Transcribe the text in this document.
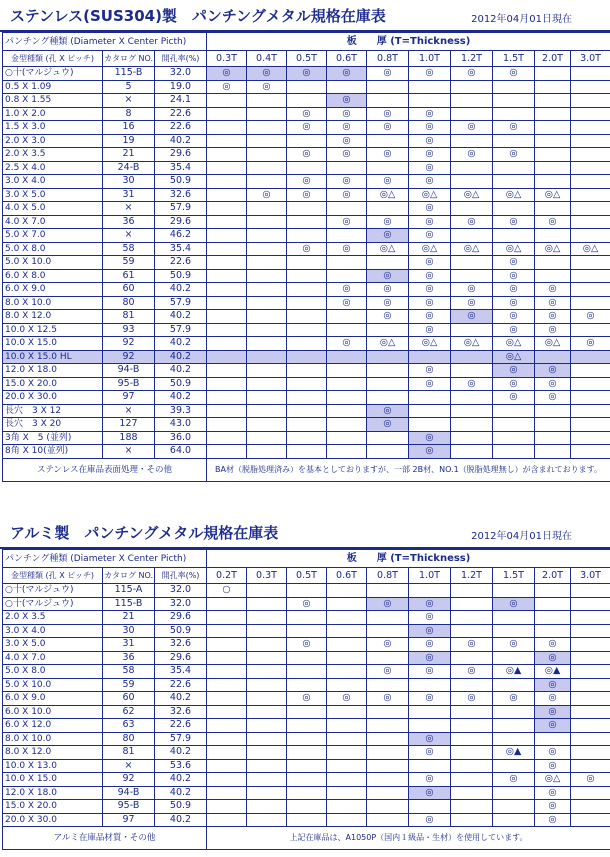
ステンレス(SUS304)製　パンチングメタル規格在庫表	2012年04月01日現在
パンチング種類 (Diameter X Center Picth)			板　　厚 (T=Thickness)									
金型種類 (孔 X ピッチ)	カタログ NO.	開孔率(%)	0.3T	0.4T	0.5T	0.6T	0.8T	1.0T	1.2T	1.5T	2.0T	3.0T
○十(マルジュウ)	115-B	32.0	◎	◎	◎	◎	◎	◎	◎	◎		
0.5 X 1.09	5	19.0	◎	◎								
0.8 X 1.55	×	24.1				◎						
1.0 X 2.0	8	22.6			◎	◎	◎	◎				
1.5 X 3.0	16	22.6			◎	◎	◎	◎	◎	◎		
2.0 X 3.0	19	40.2				◎		◎				
2.0 X 3.5	21	29.6			◎	◎	◎	◎	◎	◎		
2.5 X 4.0	24-B	35.4						◎				
3.0 X 4.0	30	50.9			◎	◎	◎	◎				
3.0 X 5.0	31	32.6		◎	◎	◎	◎△	◎△	◎△	◎△	◎△	
4.0 X 5.0	×	57.9						◎				
4.0 X 7.0	36	29.6				◎	◎	◎	◎	◎	◎	
5.0 X 7.0	×	46.2					◎	◎				
5.0 X 8.0	58	35.4			◎	◎	◎△	◎△	◎△	◎△	◎△	◎△
5.0 X 10.0	59	22.6						◎		◎		
6.0 X 8.0	61	50.9					◎	◎		◎		
6.0 X 9.0	60	40.2				◎	◎	◎	◎	◎	◎	
8.0 X 10.0	80	57.9				◎	◎	◎	◎	◎	◎	
8.0 X 12.0	81	40.2					◎	◎	◎	◎	◎	◎
10.0 X 12.5	93	57.9						◎		◎	◎	
10.0 X 15.0	92	40.2				◎	◎△	◎△	◎△	◎△	◎△	◎
10.0 X 15.0 HL	92	40.2								◎△		
12.0 X 18.0	94-B	40.2						◎		◎	◎	
15.0 X 20.0	95-B	50.9						◎	◎	◎	◎	
20.0 X 30.0	97	40.2								◎	◎	
長穴　3 X 12	×	39.3					◎					
長穴　3 X 20	127	43.0					◎					
3角 X　5 (並列)	188	36.0						◎				
8角 X 10(並列)	×	64.0						◎				
ステンレス在庫品表面処理・その他			BA材（脱脂処理済み）を基本としておりますが、一部 2B材、NO.1（脱脂処理無し）が含まれております。									
アルミ製　パンチングメタル規格在庫表	2012年04月01日現在
パンチング種類 (Diameter X Center Picth)			板　　厚 (T=Thickness)									
金型種類 (孔 X ピッチ)	カタログ NO.	開孔率(%)	0.2T	0.3T	0.5T	0.6T	0.8T	1.0T	1.2T	1.5T	2.0T	3.0T
○十(マルジュウ)	115-A	32.0	○									
○十(マルジュウ)	115-B	32.0			◎		◎	◎		◎		
2.0 X 3.5	21	29.6						◎				
3.0 X 4.0	30	50.9						◎				
3.0 X 5.0	31	32.6			◎		◎	◎	◎	◎	◎	
4.0 X 7.0	36	29.6						◎			◎	
5.0 X 8.0	58	35.4					◎	◎	◎	◎▲	◎▲	
5.0 X 10.0	59	22.6									◎	
6.0 X 9.0	60	40.2			◎	◎	◎	◎	◎	◎	◎	
6.0 X 10.0	62	32.6									◎	
6.0 X 12.0	63	22.6									◎	
8.0 X 10.0	80	57.9						◎				
8.0 X 12.0	81	40.2						◎		◎▲	◎	
10.0 X 13.0	×	53.6									◎	
10.0 X 15.0	92	40.2						◎		◎	◎△	◎
12.0 X 18.0	94-B	40.2						◎			◎	
15.0 X 20.0	95-B	50.9									◎	
20.0 X 30.0	97	40.2						◎			◎	
アルミ在庫品材質・その他			上記在庫品は、A1050P（国内１級品・生材）を使用しています。									
